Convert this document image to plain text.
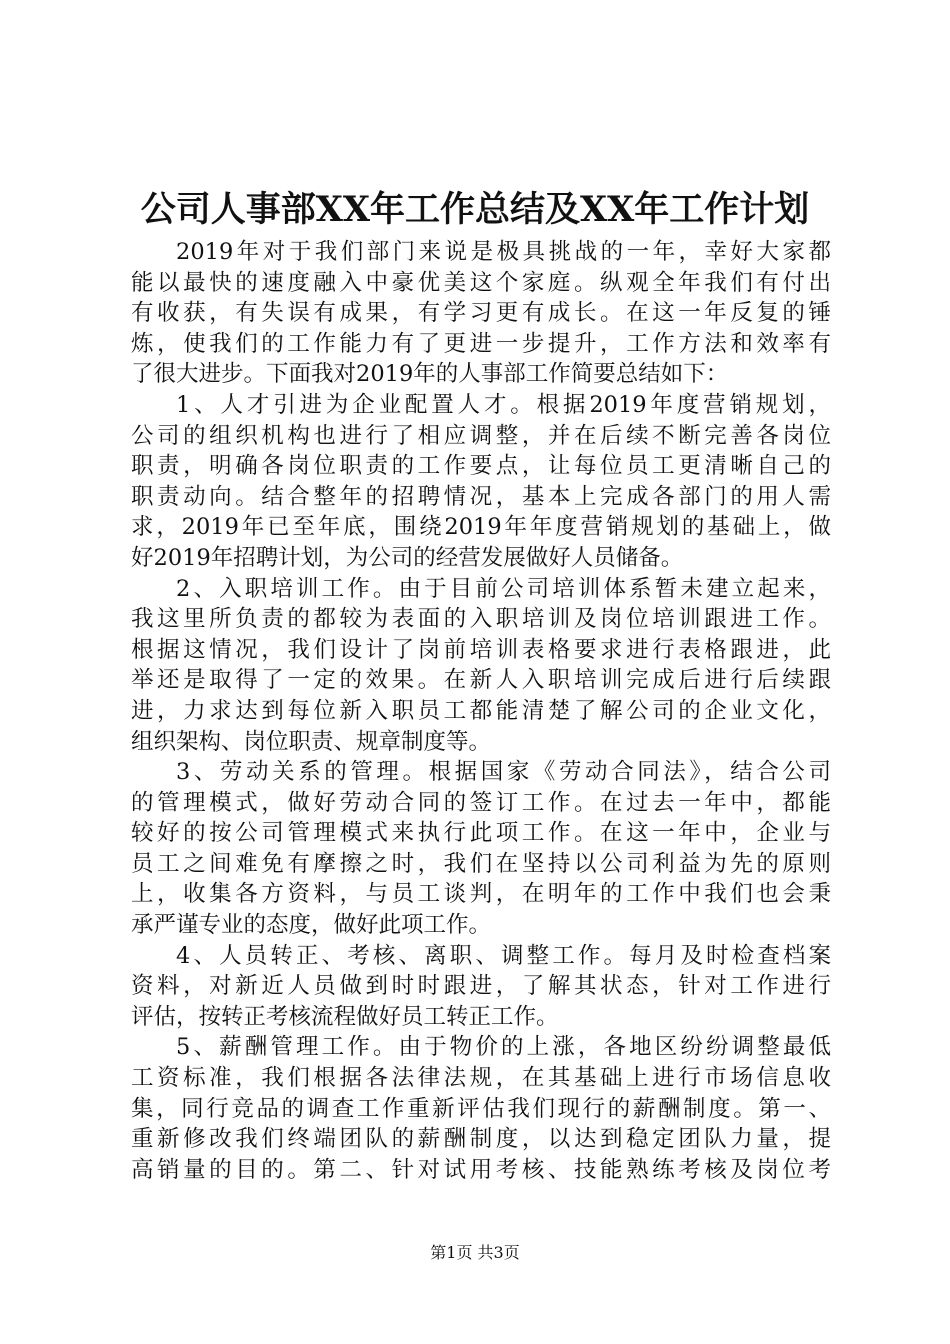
公司人事部XX年工作总结及XX年工作计划
2019年对于我们部门来说是极具挑战的一年，幸好大家都
能以最快的速度融入中豪优美这个家庭。纵观全年我们有付出
有收获，有失误有成果，有学习更有成长。在这一年反复的锤
炼，使我们的工作能力有了更进一步提升，工作方法和效率有
了很大进步。下面我对2019年的人事部工作简要总结如下：
1、人才引进为企业配置人才。根据2019年度营销规划，
公司的组织机构也进行了相应调整，并在后续不断完善各岗位
职责，明确各岗位职责的工作要点，让每位员工更清晰自己的
职责动向。结合整年的招聘情况，基本上完成各部门的用人需
求，2019年已至年底，围绕2019年年度营销规划的基础上，做
好2019年招聘计划，为公司的经营发展做好人员储备。
2、入职培训工作。由于目前公司培训体系暂未建立起来，
我这里所负责的都较为表面的入职培训及岗位培训跟进工作。
根据这情况，我们设计了岗前培训表格要求进行表格跟进，此
举还是取得了一定的效果。在新人入职培训完成后进行后续跟
进，力求达到每位新入职员工都能清楚了解公司的企业文化，
组织架构、岗位职责、规章制度等。
3、劳动关系的管理。根据国家《劳动合同法》，结合公司
的管理模式，做好劳动合同的签订工作。在过去一年中，都能
较好的按公司管理模式来执行此项工作。在这一年中，企业与
员工之间难免有摩擦之时，我们在坚持以公司利益为先的原则
上，收集各方资料，与员工谈判，在明年的工作中我们也会秉
承严谨专业的态度，做好此项工作。
4、人员转正、考核、离职、调整工作。每月及时检查档案
资料，对新近人员做到时时跟进，了解其状态，针对工作进行
评估，按转正考核流程做好员工转正工作。
5、薪酬管理工作。由于物价的上涨，各地区纷纷调整最低
工资标准，我们根据各法律法规，在其基础上进行市场信息收
集，同行竞品的调查工作重新评估我们现行的薪酬制度。第一、
重新修改我们终端团队的薪酬制度，以达到稳定团队力量，提
高销量的目的。第二、针对试用考核、技能熟练考核及岗位考
第1页 共3页
